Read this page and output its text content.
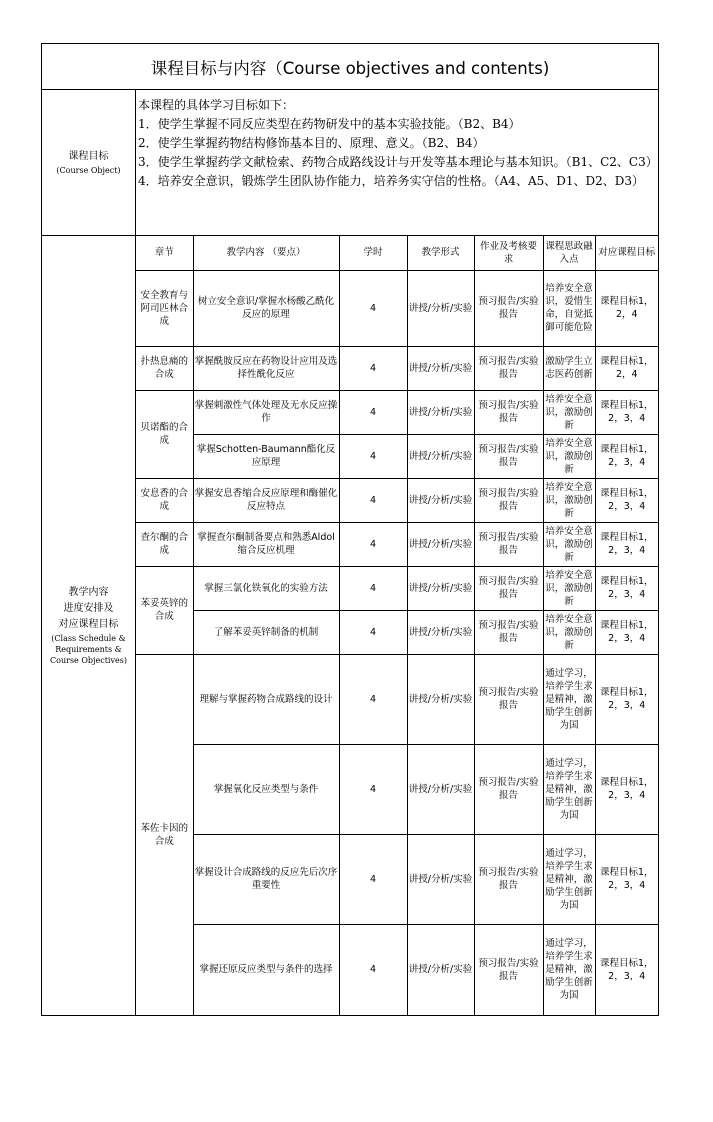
课程目标与内容（Course objectives and contents)
课程目标
(Course Object)
本课程的具体学习目标如下：
1．使学生掌握不同反应类型在药物研发中的基本实验技能。（B2、B4）
2．使学生掌握药物结构修饰基本目的、原理、意义。（B2、B4）
3．使学生掌握药学文献检索、药物合成路线设计与开发等基本理论与基本知识。（B1、C2、C3）
4．培养安全意识，锻炼学生团队协作能力，培养务实守信的性格。（A4、A5、D1、D2、D3）
教学内容
进度安排及
对应课程目标
(Class Schedule & Requirements & Course Objectives)
章节	教学内容 （要点）	学时	教学形式	作业及考核要求	课程思政融入点	对应课程目标
安全教育与阿司匹林合成	树立安全意识/掌握水杨酸乙酰化反应的原理	4	讲授/分析/实验	预习报告/实验报告	培养安全意识，爱惜生命，自觉抵御可能危险	课程目标1，2，4
扑热息痛的合成	掌握酰胺反应在药物设计应用及选择性酰化反应	4	讲授/分析/实验	预习报告/实验报告	激励学生立志医药创新	课程目标1，2，4
贝诺酯的合成	掌握刺激性气体处理及无水反应操作	4	讲授/分析/实验	预习报告/实验报告	培养安全意识，激励创新	课程目标1，2，3，4
	掌握Schotten-Baumann酯化反应原理	4	讲授/分析/实验	预习报告/实验报告	培养安全意识，激励创新	课程目标1，2，3，4
安息香的合成	掌握安息香缩合反应原理和酶催化反应特点	4	讲授/分析/实验	预习报告/实验报告	培养安全意识，激励创新	课程目标1，2，3，4
查尔酮的合成	掌握查尔酮制备要点和熟悉Aldol缩合反应机理	4	讲授/分析/实验	预习报告/实验报告	培养安全意识，激励创新	课程目标1，2，3，4
苯妥英锌的合成	掌握三氯化铁氧化的实验方法	4	讲授/分析/实验	预习报告/实验报告	培养安全意识，激励创新	课程目标1，2，3，4
	了解苯妥英锌制备的机制	4	讲授/分析/实验	预习报告/实验报告	培养安全意识，激励创新	课程目标1，2，3，4
苯佐卡因的合成	理解与掌握药物合成路线的设计	4	讲授/分析/实验	预习报告/实验报告	通过学习，培养学生求是精神，激励学生创新为国	课程目标1，2，3，4
	掌握氧化反应类型与条件	4	讲授/分析/实验	预习报告/实验报告	通过学习，培养学生求是精神，激励学生创新为国	课程目标1，2，3，4
	掌握设计合成路线的反应先后次序重要性	4	讲授/分析/实验	预习报告/实验报告	通过学习，培养学生求是精神，激励学生创新为国	课程目标1，2，3，4
	掌握还原反应类型与条件的选择	4	讲授/分析/实验	预习报告/实验报告	通过学习，培养学生求是精神，激励学生创新为国	课程目标1，2，3，4
